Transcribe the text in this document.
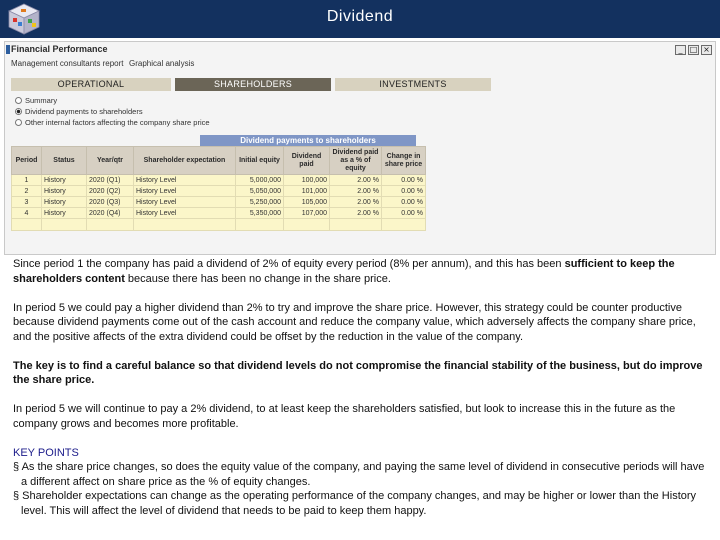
Dividend
Financial Performance	_ □ ×
Management consultants report Graphical analysis
OPERATIONAL	SHAREHOLDERS	INVESTMENTS
Summary
Dividend payments to shareholders
Other internal factors affecting the company share price
Dividend payments to shareholders
Period	Status	Year/qtr	Shareholder expectation	Initial equity	Dividend paid	Dividend paid as a % of equity	Change in share price
1	History	2020 (Q1)	History Level	5,000,000	100,000	2.00 %	0.00 %
2	History	2020 (Q2)	History Level	5,050,000	101,000	2.00 %	0.00 %
3	History	2020 (Q3)	History Level	5,250,000	105,000	2.00 %	0.00 %
4	History	2020 (Q4)	History Level	5,350,000	107,000	2.00 %	0.00 %

Since period 1 the company has paid a dividend of 2% of equity every period (8% per annum), and this has been sufficient to keep the shareholders content because there has been no change in the share price.
In period 5 we could pay a higher dividend than 2% to try and improve the share price. However, this strategy could be counter productive because dividend payments come out of the cash account and reduce the company value, which adversely affects the company share price, and the positive affects of the extra dividend could be offset by the reduction in the value of the company.
The key is to find a careful balance so that dividend levels do not compromise the financial stability of the business, but do improve the share price.
In period 5 we will continue to pay a 2% dividend, to at least keep the shareholders satisfied, but look to increase this in the future as the company grows and becomes more profitable.
KEY POINTS
§ As the share price changes, so does the equity value of the company, and paying the same level of dividend in consecutive periods will have a different affect on share price as the % of equity changes.
§ Shareholder expectations can change as the operating performance of the company changes, and may be higher or lower than the History level. This will affect the level of dividend that needs to be paid to keep them happy.
